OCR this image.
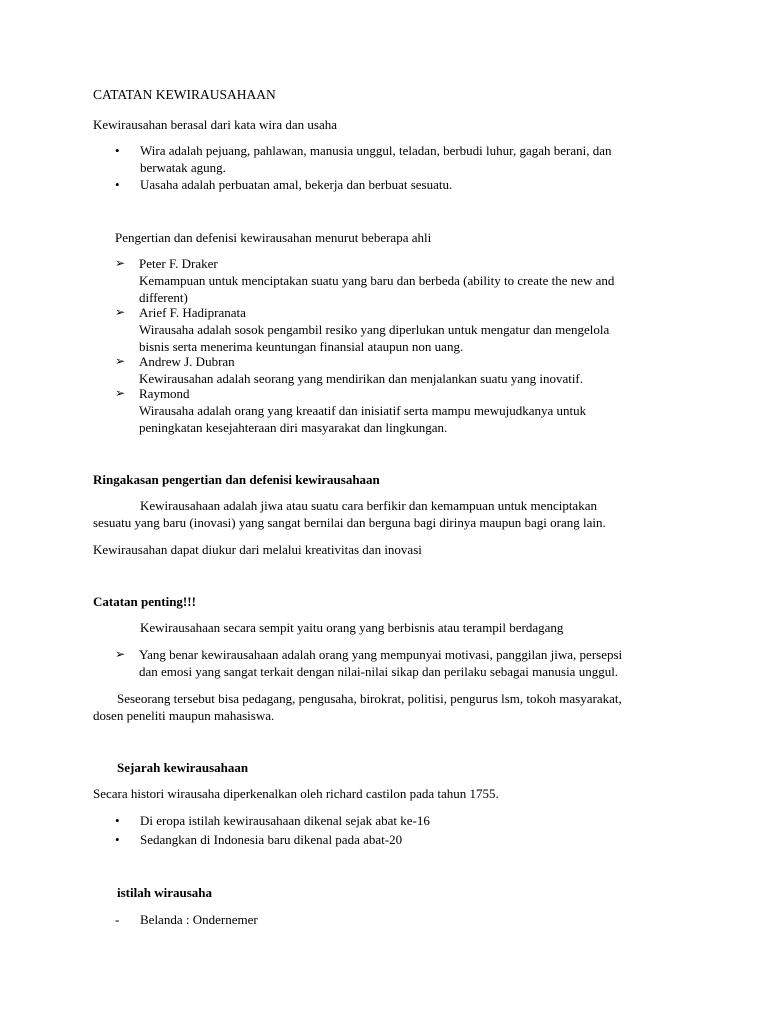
CATATAN KEWIRAUSAHAAN
Kewirausahan berasal dari kata wira dan usaha
• Wira adalah pejuang, pahlawan, manusia unggul, teladan, berbudi luhur, gagah berani, dan
berwatak agung.
• Uasaha adalah perbuatan amal, bekerja dan berbuat sesuatu.
Pengertian dan defenisi kewirausahan menurut beberapa ahli
➢ Peter F. Draker
Kemampuan untuk menciptakan suatu yang baru dan berbeda (ability to create the new and
different)
➢ Arief F. Hadipranata
Wirausaha adalah sosok pengambil resiko yang diperlukan untuk mengatur dan mengelola
bisnis serta menerima keuntungan finansial ataupun non uang.
➢ Andrew J. Dubran
Kewirausahan adalah seorang yang mendirikan dan menjalankan suatu yang inovatif.
➢ Raymond
Wirausaha adalah orang yang kreaatif dan inisiatif serta mampu mewujudkanya untuk
peningkatan kesejahteraan diri masyarakat dan lingkungan.
Ringakasan pengertian dan defenisi kewirausahaan
Kewirausahaan adalah jiwa atau suatu cara berfikir dan kemampuan untuk menciptakan
sesuatu yang baru (inovasi) yang sangat bernilai dan berguna bagi dirinya maupun bagi orang lain.
Kewirausahan dapat diukur dari melalui kreativitas dan inovasi
Catatan penting!!!
Kewirausahaan secara sempit yaitu orang yang berbisnis atau terampil berdagang
➢ Yang benar kewirausahaan adalah orang yang mempunyai motivasi, panggilan jiwa, persepsi
dan emosi yang sangat terkait dengan nilai-nilai sikap dan perilaku sebagai manusia unggul.
Seseorang tersebut bisa pedagang, pengusaha, birokrat, politisi, pengurus lsm, tokoh masyarakat,
dosen peneliti maupun mahasiswa.
Sejarah kewirausahaan
Secara histori wirausaha diperkenalkan oleh richard castilon pada tahun 1755.
• Di eropa istilah kewirausahaan dikenal sejak abat ke-16
• Sedangkan di Indonesia baru dikenal pada abat-20
istilah wirausaha
- Belanda : Ondernemer
